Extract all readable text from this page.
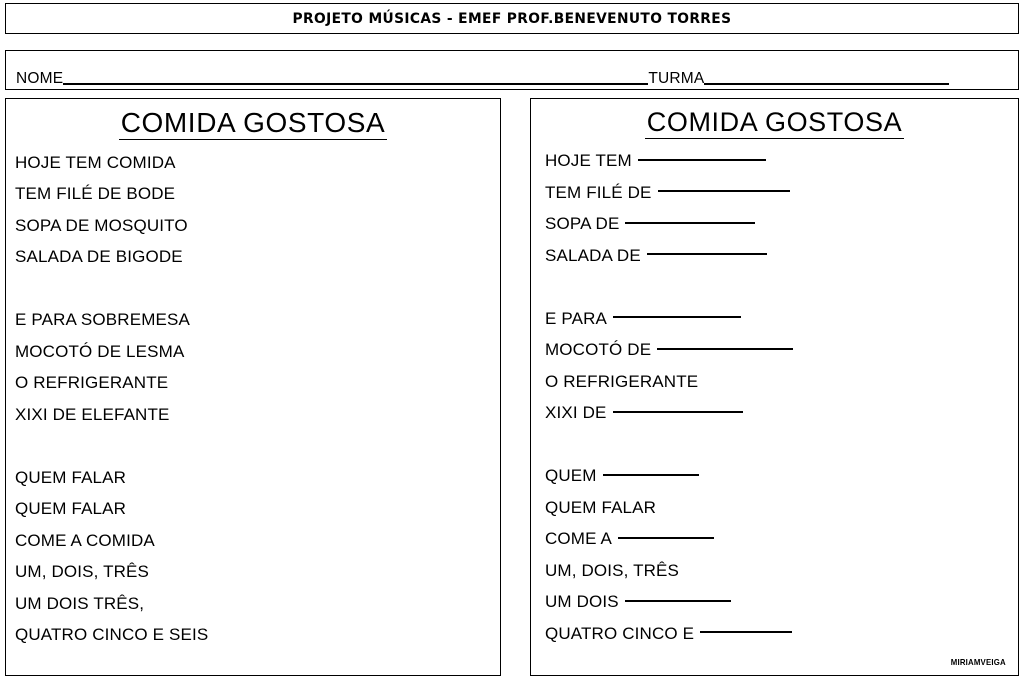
PROJETO MÚSICAS - EMEF PROF.BENEVENUTO TORRES
NOME	TURMA
COMIDA GOSTOSA
HOJE TEM COMIDA
TEM FILÉ DE BODE
SOPA DE MOSQUITO
SALADA DE BIGODE
E PARA SOBREMESA
MOCOTÓ DE LESMA
O REFRIGERANTE
XIXI DE ELEFANTE
QUEM FALAR
QUEM FALAR
COME A COMIDA
UM, DOIS, TRÊS
UM DOIS TRÊS,
QUATRO CINCO E SEIS
COMIDA GOSTOSA
HOJE TEM
TEM FILÉ DE
SOPA DE
SALADA DE
E PARA
MOCOTÓ DE
O REFRIGERANTE
XIXI DE
QUEM
QUEM FALAR
COME A
UM, DOIS, TRÊS
UM DOIS
QUATRO CINCO E
MIRIAMVEIGA
